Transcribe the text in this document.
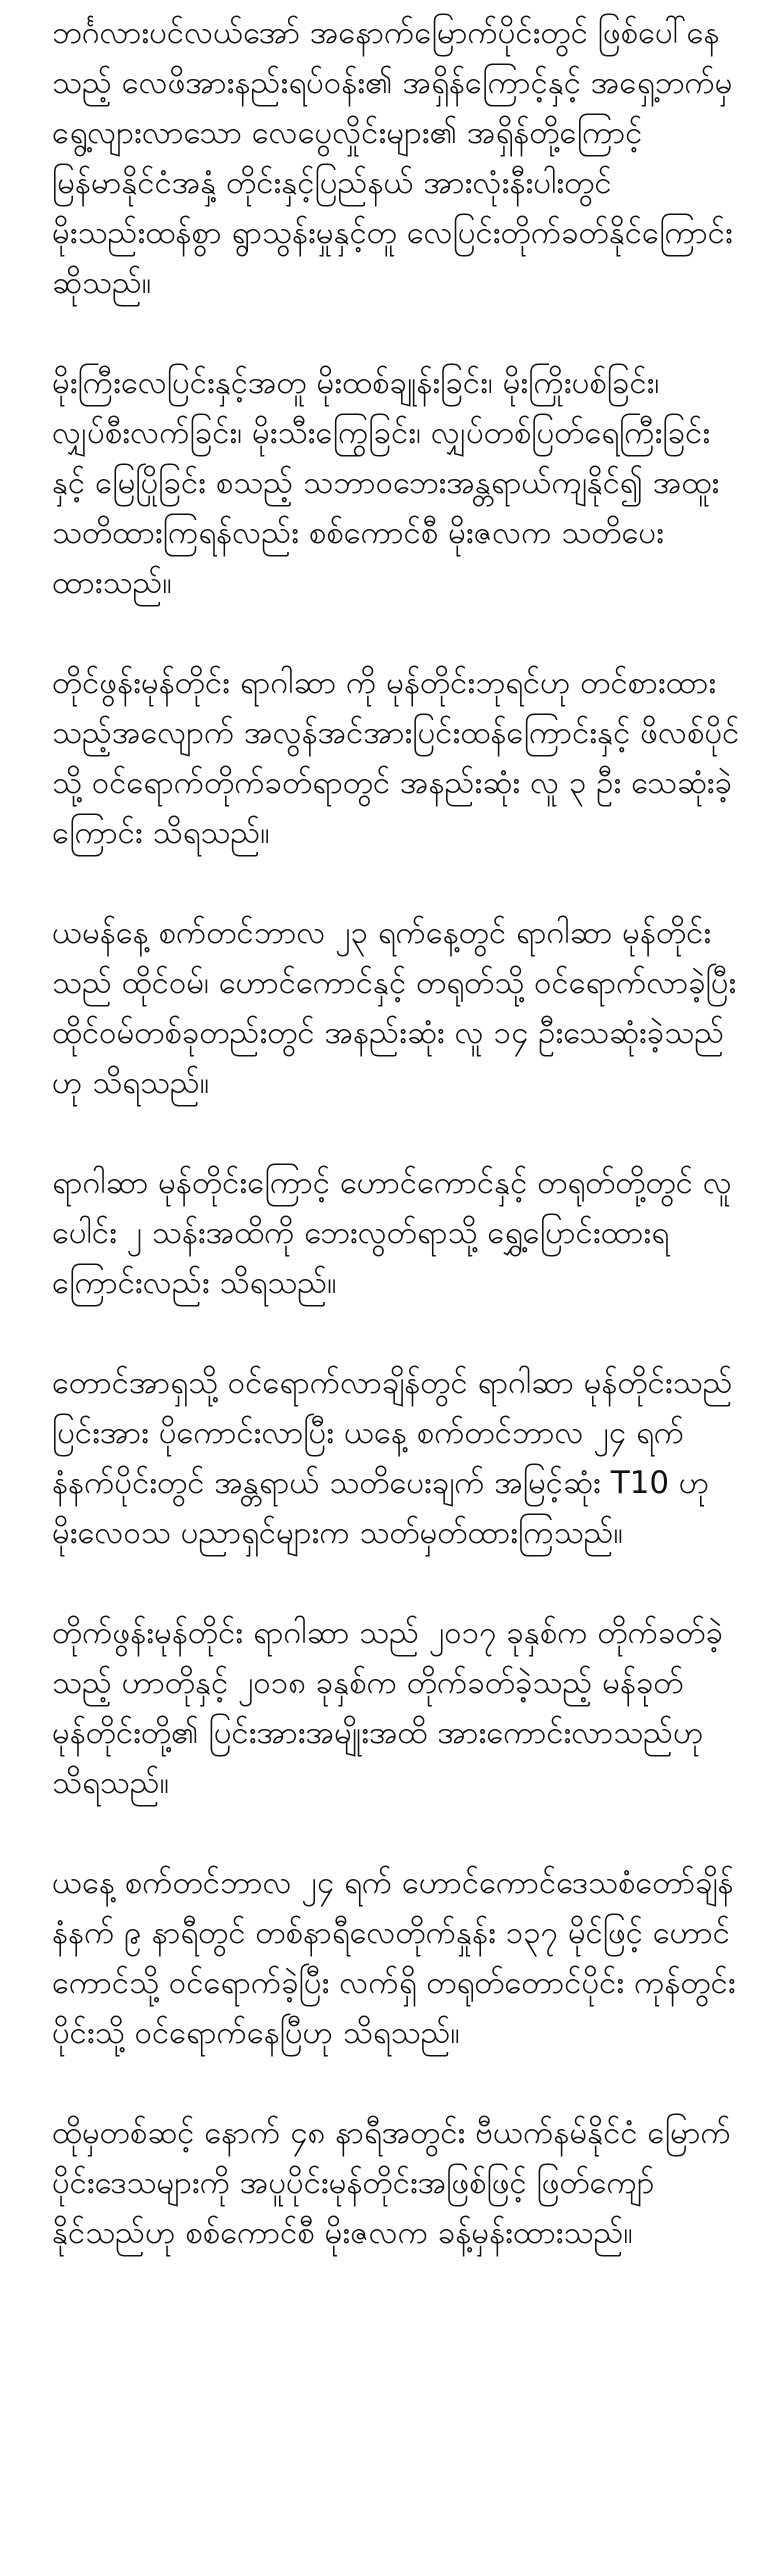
ဘင်္ဂလားပင်လယ်အော် အနောက်မြောက်ပိုင်းတွင် ဖြစ်ပေါ်နေသည့် လေဖိအားနည်းရပ်ဝန်း၏ အရှိန်ကြောင့်နှင့် အရှေ့ဘက်မှ ရွေ့လျားလာသော လေပွေလှိုင်းများ၏ အရှိန်တို့ကြောင့် မြန်မာနိုင်ငံအနှံ့ တိုင်းနှင့်ပြည်နယ် အားလုံးနီးပါးတွင် မိုးသည်းထန်စွာ ရွာသွန်းမှုနှင့်တူ လေပြင်းတိုက်ခတ်နိုင်ကြောင်း ဆိုသည်။

မိုးကြီးလေပြင်းနှင့်အတူ မိုးထစ်ချုန်းခြင်း၊ မိုးကြိုးပစ်ခြင်း၊ လျှပ်စီးလက်ခြင်း၊ မိုးသီးကြွေခြင်း၊ လျှပ်တစ်ပြတ်ရေကြီးခြင်းနှင့် မြေပြိုခြင်း စသည့် သဘာဝဘေးအန္တရာယ်ကျနိုင်၍ အထူးသတိထားကြရန်လည်း စစ်ကောင်စီ မိုးဇလက သတိပေးထားသည်။

တိုင်ဖွန်းမုန်တိုင်း ရာဂါဆာ ကို မုန်တိုင်းဘုရင်ဟု တင်စားထားသည့်အလျောက် အလွန်အင်အားပြင်းထန်ကြောင်းနှင့် ဖိလစ်ပိုင်သို့ ဝင်ရောက်တိုက်ခတ်ရာတွင် အနည်းဆုံး လူ ၃ ဦး သေဆုံးခဲ့ကြောင်း သိရသည်။

ယမန်နေ့ စက်တင်ဘာလ ၂၃ ရက်နေ့တွင် ရာဂါဆာ မုန်တိုင်းသည် ထိုင်ဝမ်၊ ဟောင်ကောင်နှင့် တရုတ်သို့ ဝင်ရောက်လာခဲ့ပြီး ထိုင်ဝမ်တစ်ခုတည်းတွင် အနည်းဆုံး လူ ၁၄ ဦးသေဆုံးခဲ့သည်ဟု သိရသည်။

ရာဂါဆာ မုန်တိုင်းကြောင့် ဟောင်ကောင်နှင့် တရုတ်တို့တွင် လူပေါင်း ၂ သန်းအထိကို ဘေးလွတ်ရာသို့ ရွှေ့ပြောင်းထားရကြောင်းလည်း သိရသည်။

တောင်အာရှသို့ ဝင်ရောက်လာချိန်တွင် ရာဂါဆာ မုန်တိုင်းသည် ပြင်းအား ပိုကောင်းလာပြီး ယနေ့ စက်တင်ဘာလ ၂၄ ရက် နံနက်ပိုင်းတွင် အန္တရာယ် သတိပေးချက် အမြင့်ဆုံး T10 ဟု မိုးလေဝသ ပညာရှင်များက သတ်မှတ်ထားကြသည်။

တိုက်ဖွန်းမုန်တိုင်း ရာဂါဆာ သည် ၂၀၁၇ ခုနှစ်က တိုက်ခတ်ခဲ့သည့် ဟာတိုနှင့် ၂၀၁၈ ခုနှစ်က တိုက်ခတ်ခဲ့သည့် မန်ခုတ်မုန်တိုင်းတို့၏ ပြင်းအားအမျိုးအထိ အားကောင်းလာသည်ဟု သိရသည်။

ယနေ့ စက်တင်ဘာလ ၂၄ ရက် ဟောင်ကောင်ဒေသစံတော်ချိန် နံနက် ၉ နာရီတွင် တစ်နာရီလေတိုက်နှုန်း ၁၃၇ မိုင်ဖြင့် ဟောင်ကောင်သို့ ဝင်ရောက်ခဲ့ပြီး လက်ရှိ တရုတ်တောင်ပိုင်း ကုန်တွင်းပိုင်းသို့ ဝင်ရောက်နေပြီဟု သိရသည်။

ထိုမှတစ်ဆင့် နောက် ၄၈ နာရီအတွင်း ဗီယက်နမ်နိုင်ငံ မြောက်ပိုင်းဒေသများကို အပူပိုင်းမုန်တိုင်းအဖြစ်ဖြင့် ဖြတ်ကျော်နိုင်သည်ဟု စစ်ကောင်စီ မိုးဇလက ခန့်မှန်းထားသည်။
